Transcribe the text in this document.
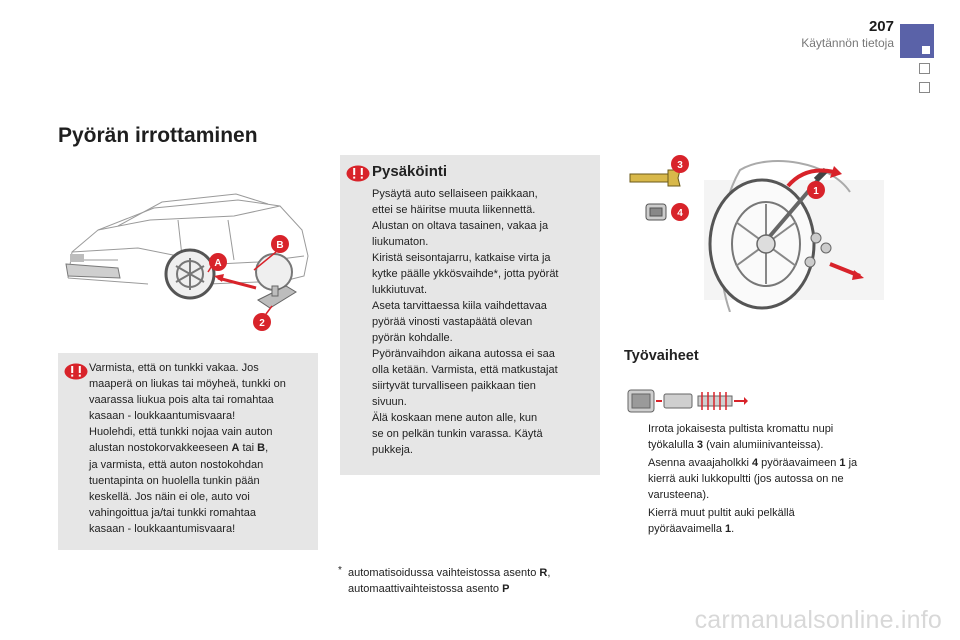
207
Käytännön tietoja
Pyörän irrottaminen
A
B
2
Varmista, että on tunkki vakaa. Jos
maaperä on liukas tai möyheä, tunkki on
vaarassa liukua pois alta tai romahtaa
kasaan - loukkaantumisvaara!
Huolehdi, että tunkki nojaa vain auton
alustan nostokorvakkeeseen A tai B,
ja varmista, että auton nostokohdan
tuentapinta on huolella tunkin pään
keskellä. Jos näin ei ole, auto voi
vahingoittua ja/tai tunkki romahtaa
kasaan - loukkaantumisvaara!
Pysäköinti
Pysäytä auto sellaiseen paikkaan,
ettei se häiritse muuta liikennettä.
Alustan on oltava tasainen, vakaa ja
liukumaton.
Kiristä seisontajarru, katkaise virta ja
kytke päälle ykkösvaihde*, jotta pyörät
lukkiutuvat.
Aseta tarvittaessa kiila vaihdettavaa
pyörää vinosti vastapäätä olevan
pyörän kohdalle.
Pyöränvaihdon aikana autossa ei saa
olla ketään. Varmista, että matkustajat
siirtyvät turvalliseen paikkaan tien
sivuun.
Älä koskaan mene auton alle, kun
se on pelkän tunkin varassa. Käytä
pukkeja.
3
4
1
Työvaiheet
Irrota jokaisesta pultista kromattu nupi
työkalulla 3 (vain alumiinivanteissa).
Asenna avaajaholkki 4 pyöräavaimeen 1 ja
kierrä auki lukkopultti (jos autossa on ne
varusteena).
Kierrä muut pultit auki pelkällä
pyöräavaimella 1.
* automatisoidussa vaihteistossa asento R,
automaattivaihteistossa asento P
carmanualsonline.info
